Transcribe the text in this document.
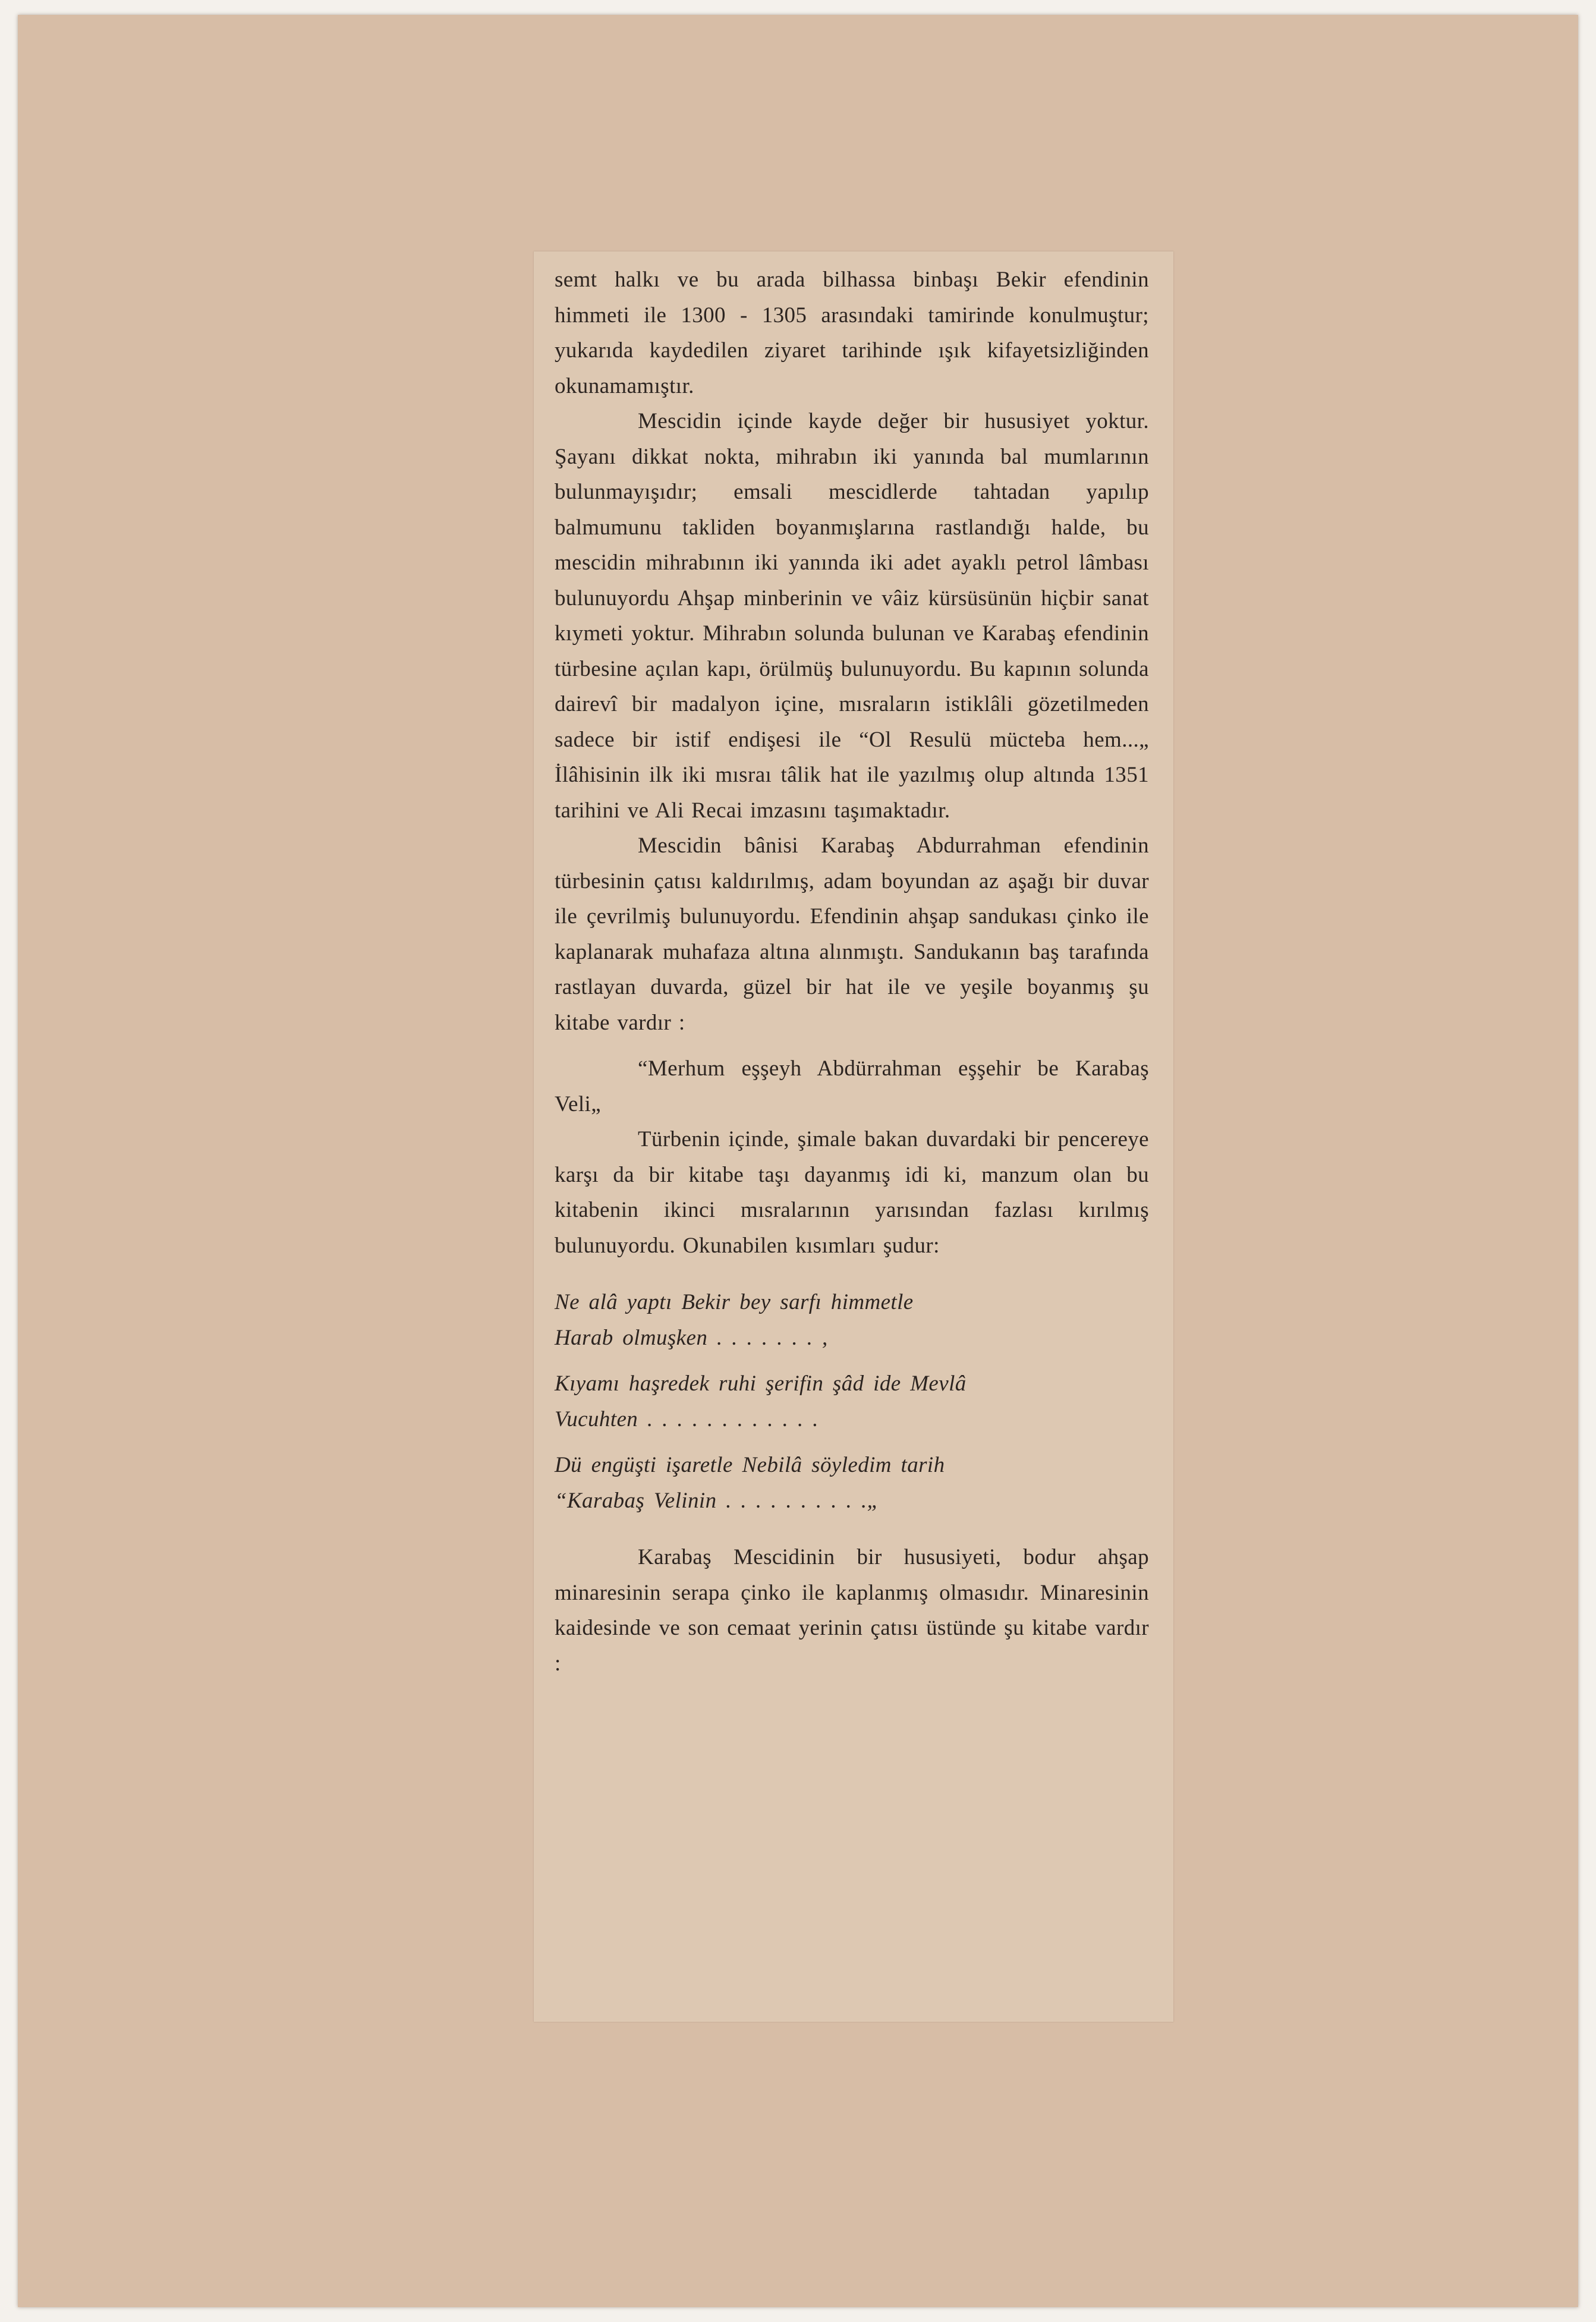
semt halkı ve bu arada bilhassa binbaşı Bekir efendinin himmeti ile 1300 - 1305 arasındaki tamirinde konulmuştur; yukarıda kaydedilen ziyaret tarihinde ışık kifayetsizliğinden okunamamıştır.

Mescidin içinde kayde değer bir hususiyet yoktur. Şayanı dikkat nokta, mihrabın iki yanında bal mumlarının bulunmayışıdır; emsali mescidlerde tahtadan yapılıp balmumunu takliden boyanmışlarına rastlandığı halde, bu mescidin mihrabının iki yanında iki adet ayaklı petrol lâmbası bulunuyordu Ahşap minberinin ve vâiz kürsüsünün hiçbir sanat kıymeti yoktur. Mihrabın solunda bulunan ve Karabaş efendinin türbesine açılan kapı, örülmüş bulunuyordu. Bu kapının solunda dairevî bir madalyon içine, mısraların istiklâli gözetilmeden sadece bir istif endişesi ile “Ol Resulü mücteba hem...„ İlâhisinin ilk iki mısraı tâlik hat ile yazılmış olup altında 1351 tarihini ve Ali Recai imzasını taşımaktadır.

Mescidin bânisi Karabaş Abdurrahman efendinin türbesinin çatısı kaldırılmış, adam boyundan az aşağı bir duvar ile çevrilmiş bulunuyordu. Efendinin ahşap sandukası çinko ile kaplanarak muhafaza altına alınmıştı. Sandukanın baş tarafında rastlayan duvarda, güzel bir hat ile ve yeşile boyanmış şu kitabe vardır :

“Merhum eşşeyh Abdürrahman eşşehir be Karabaş Veli„

Türbenin içinde, şimale bakan duvardaki bir pencereye karşı da bir kitabe taşı dayanmış idi ki, manzum olan bu kitabenin ikinci mısralarının yarısından fazlası kırılmış bulunuyordu. Okunabilen kısımları şudur:

Ne alâ yaptı Bekir bey sarfı himmetle

Harab olmuşken . . . . . . . ,

Kıyamı haşredek ruhi şerifin şâd ide Mevlâ

Vucuhten . . . . . . . . . . . .

Dü engüşti işaretle Nebilâ söyledim tarih

“Karabaş Velinin . . . . . . . . . .„

Karabaş Mescidinin bir hususiyeti, bodur ahşap minaresinin serapa çinko ile kaplanmış olmasıdır. Minaresinin kaidesinde ve son cemaat yerinin çatısı üstünde şu kitabe vardır :
